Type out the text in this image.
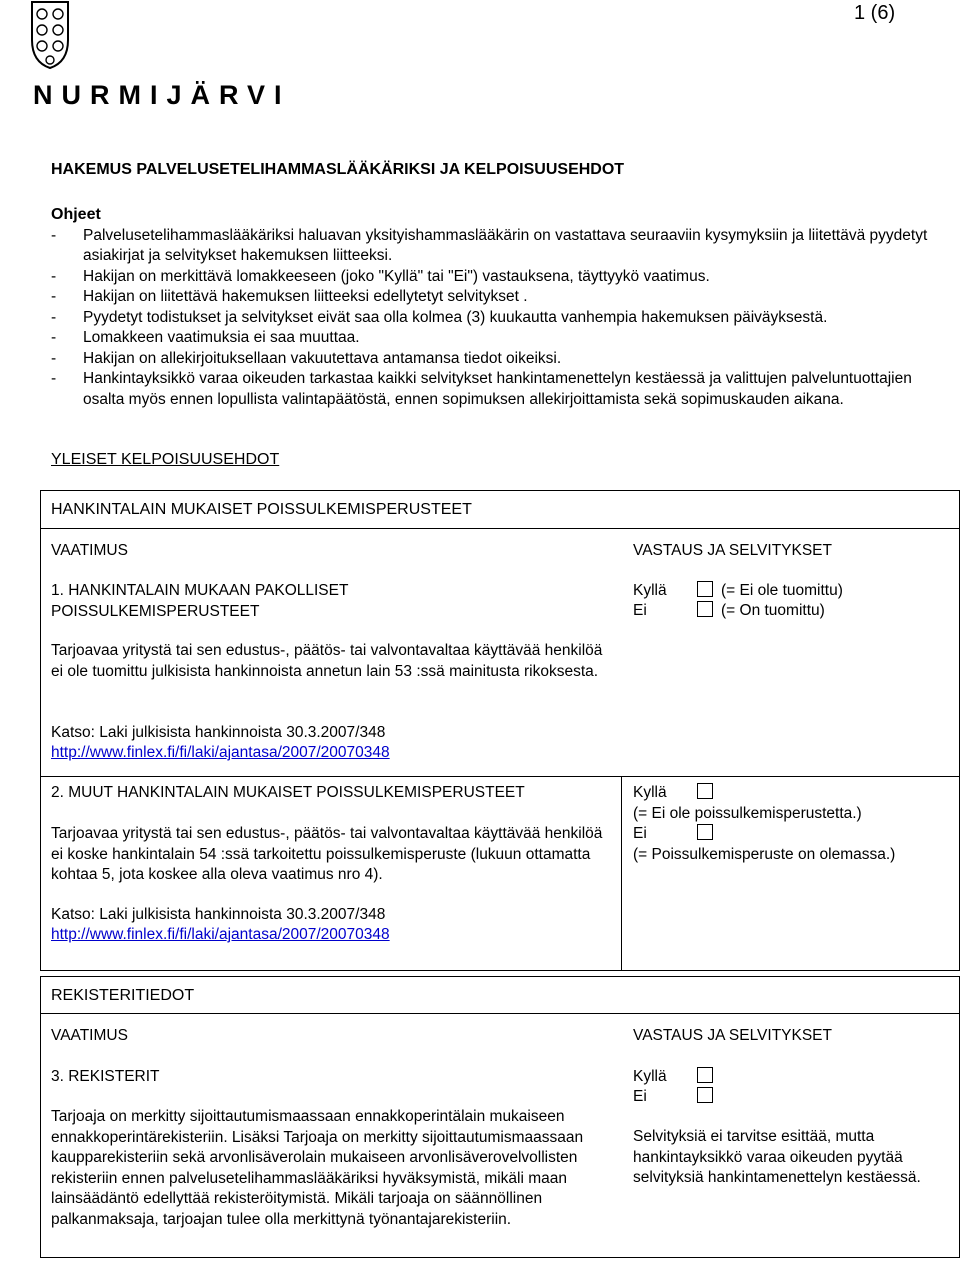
1 (6)
NURMIJÄRVI
HAKEMUS PALVELUSETELIHAMMASLÄÄKÄRIKSI JA KELPOISUUSEHDOT
Ohjeet
-	Palvelusetelihammaslääkäriksi haluavan yksityishammaslääkärin on vastattava seuraaviin kysymyksiin ja liitettävä pyydetyt asiakirjat ja selvitykset hakemuksen liitteeksi.
-	Hakijan on merkittävä lomakkeeseen (joko "Kyllä" tai "Ei") vastauksena, täyttyykö vaatimus.
-	Hakijan on liitettävä hakemuksen liitteeksi edellytetyt selvitykset .
-	Pyydetyt todistukset ja selvitykset eivät saa olla kolmea (3) kuukautta vanhempia hakemuksen päiväyksestä.
-	Lomakkeen vaatimuksia ei saa muuttaa.
-	Hakijan on allekirjoituksellaan vakuutettava antamansa tiedot oikeiksi.
-	Hankintayksikkö varaa oikeuden tarkastaa kaikki selvitykset hankintamenettelyn kestäessä ja valittujen palveluntuottajien osalta myös ennen lopullista valintapäätöstä, ennen sopimuksen allekirjoittamista sekä sopimuskauden aikana.
YLEISET KELPOISUUSEHDOT
HANKINTALAIN MUKAISET POISSULKEMISPERUSTEET
VAATIMUS	VASTAUS JA SELVITYKSET
1. HANKINTALAIN MUKAAN PAKOLLISET
POISSULKEMISPERUSTEET
Tarjoavaa yritystä tai sen edustus-, päätös- tai valvontavaltaa käyttävää henkilöä ei ole tuomittu julkisista hankinnoista annetun lain 53 :ssä mainitusta rikoksesta.
Katso: Laki julkisista hankinnoista 30.3.2007/348
http://www.finlex.fi/fi/laki/ajantasa/2007/20070348
Kyllä	(= Ei ole tuomittu)
Ei	(= On tuomittu)
2. MUUT HANKINTALAIN MUKAISET POISSULKEMISPERUSTEET
Tarjoavaa yritystä tai sen edustus-, päätös- tai valvontavaltaa käyttävää henkilöä ei koske hankintalain 54 :ssä tarkoitettu poissulkemisperuste (lukuun ottamatta kohtaa 5, jota koskee alla oleva vaatimus nro 4).
Katso: Laki julkisista hankinnoista 30.3.2007/348
http://www.finlex.fi/fi/laki/ajantasa/2007/20070348
Kyllä
(= Ei ole poissulkemisperustetta.)
Ei
(= Poissulkemisperuste on olemassa.)
REKISTERITIEDOT
VAATIMUS	VASTAUS JA SELVITYKSET
3. REKISTERIT
Tarjoaja on merkitty sijoittautumismaassaan ennakkoperintälain mukaiseen ennakkoperintärekisteriin. Lisäksi Tarjoaja on merkitty sijoittautumismaassaan kaupparekisteriin sekä arvonlisäverolain mukaiseen arvonlisäverovelvollisten rekisteriin ennen palvelusetelihammaslääkäriksi hyväksymistä, mikäli maan lainsäädäntö edellyttää rekisteröitymistä. Mikäli tarjoaja on säännöllinen palkanmaksaja, tarjoajan tulee olla merkittynä työnantajarekisteriin.
Kyllä
Ei
Selvityksiä ei tarvitse esittää, mutta hankintayksikkö varaa oikeuden pyytää selvityksiä hankintamenettelyn kestäessä.
